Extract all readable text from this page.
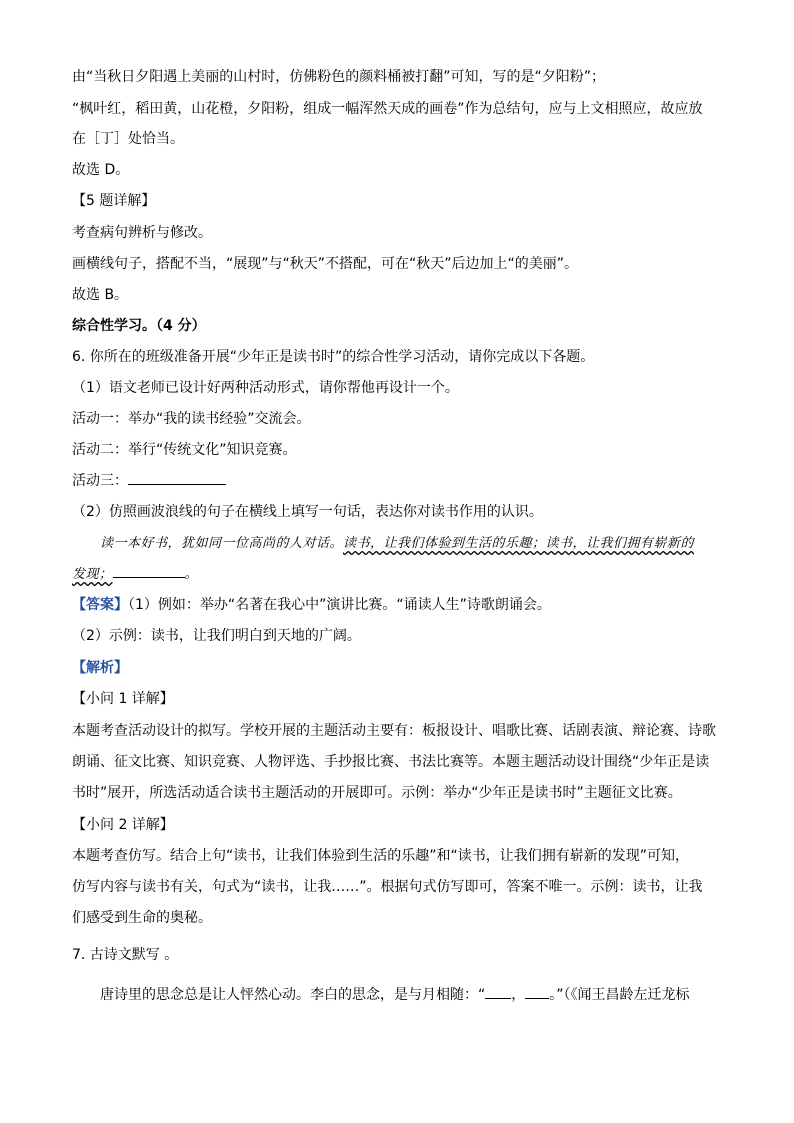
由“当秋日夕阳遇上美丽的山村时，仿佛粉色的颜料桶被打翻”可知，写的是“夕阳粉”；
“枫叶红，稻田黄，山花橙，夕阳粉，组成一幅浑然天成的画卷”作为总结句，应与上文相照应，故应放
在［丁］处恰当。
故选 D。
【5 题详解】
考查病句辨析与修改。
画横线句子，搭配不当，“展现”与“秋天”不搭配，可在“秋天”后边加上“的美丽”。
故选 B。
综合性学习。（4 分）
6. 你所在的班级准备开展“少年正是读书时”的综合性学习活动，请你完成以下各题。
（1）语文老师已设计好两种活动形式，请你帮他再设计一个。
活动一：举办“我的读书经验”交流会。
活动二：举行“传统文化”知识竞赛。
活动三：
（2）仿照画波浪线的句子在横线上填写一句话，表达你对读书作用的认识。
读一本好书，犹如同一位高尚的人对话。读书，让我们体验到生活的乐趣；读书，让我们拥有崭新的
发现；	。
【答案】（1）例如：举办“名著在我心中”演讲比赛。“诵读人生”诗歌朗诵会。
（2）示例：读书，让我们明白到天地的广阔。
【解析】
【小问 1 详解】
本题考查活动设计的拟写。学校开展的主题活动主要有：板报设计、唱歌比赛、话剧表演、辩论赛、诗歌
朗诵、征文比赛、知识竞赛、人物评选、手抄报比赛、书法比赛等。本题主题活动设计围绕“少年正是读
书时”展开，所选活动适合读书主题活动的开展即可。示例：举办“少年正是读书时”主题征文比赛。
【小问 2 详解】
本题考查仿写。结合上句“读书，让我们体验到生活的乐趣”和“读书，让我们拥有崭新的发现”可知，
仿写内容与读书有关，句式为“读书，让我……”。根据句式仿写即可，答案不唯一。示例：读书，让我
们感受到生命的奥秘。
7. 古诗文默写 。
唐诗里的思念总是让人怦然心动。李白的思念，是与月相随：“ ， 。”（《闻王昌龄左迁龙标
